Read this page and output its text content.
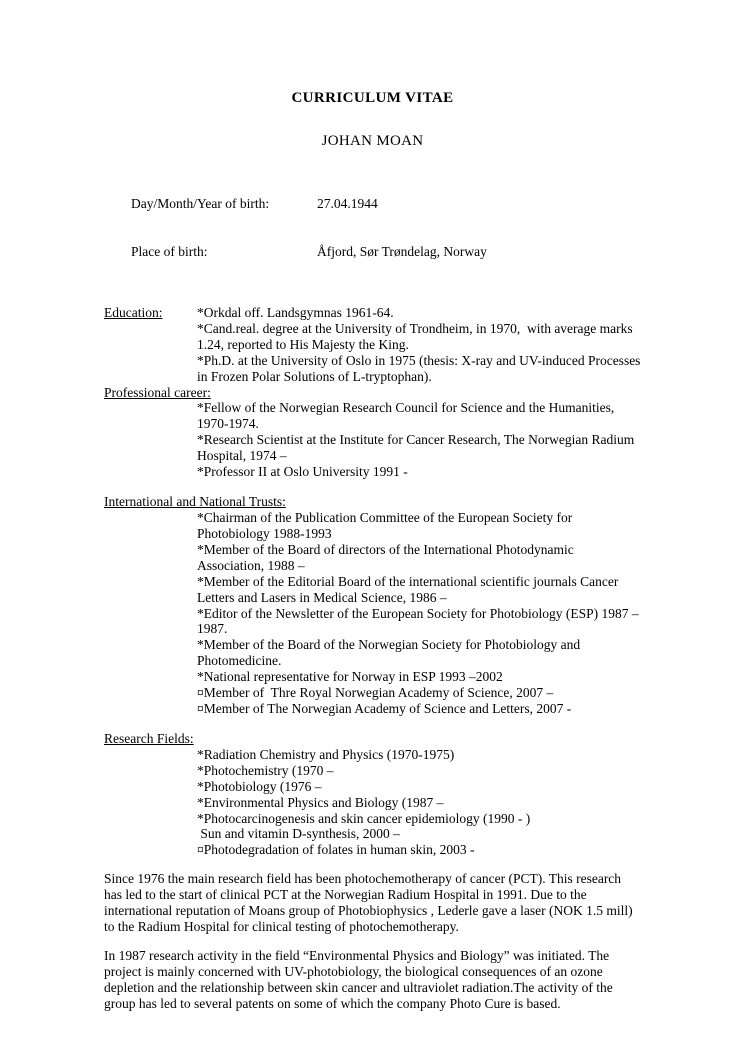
CURRICULUM VITAE
JOHAN MOAN

Day/Month/Year of birth:	27.04.1944

Place of birth:	Åfjord, Sør Trøndelag, Norway

Education:	*Orkdal off. Landsgymnas 1961-64.
*Cand.real. degree at the University of Trondheim, in 1970,  with average marks 1.24, reported to His Majesty the King.
*Ph.D. at the University of Oslo in 1975 (thesis: X-ray and UV-induced Processes in Frozen Polar Solutions of L-tryptophan).
Professional career:
*Fellow of the Norwegian Research Council for Science and the Humanities, 1970-1974.
*Research Scientist at the Institute for Cancer Research, The Norwegian Radium Hospital, 1974 –
*Professor II at Oslo University 1991 -
International and National Trusts:
*Chairman of the Publication Committee of the European Society for Photobiology 1988-1993
*Member of the Board of directors of the International Photodynamic Association, 1988 –
*Member of the Editorial Board of the international scientific journals Cancer Letters and Lasers in Medical Science, 1986 –
*Editor of the Newsletter of the European Society for Photobiology (ESP) 1987 – 1987.
*Member of the Board of the Norwegian Society for Photobiology and Photomedicine.
*National representative for Norway in ESP 1993 –2002
¤Member of  Thre Royal Norwegian Academy of Science, 2007 –
¤Member of The Norwegian Academy of Science and Letters, 2007 -
Research Fields:
*Radiation Chemistry and Physics (1970-1975)
*Photochemistry (1970 –
*Photobiology (1976 –
*Environmental Physics and Biology (1987 –
*Photocarcinogenesis and skin cancer epidemiology (1990 - )
Sun and vitamin D-synthesis, 2000 –
¤Photodegradation of folates in human skin, 2003 -

Since 1976 the main research field has been photochemotherapy of cancer (PCT). This research has led to the start of clinical PCT at the Norwegian Radium Hospital in 1991. Due to the international reputation of Moans group of Photobiophysics , Lederle gave a laser (NOK 1.5 mill) to the Radium Hospital for clinical testing of photochemotherapy.

In 1987 research activity in the field “Environmental Physics and Biology” was initiated. The project is mainly concerned with UV-photobiology, the biological consequences of an ozone depletion and the relationship between skin cancer and ultraviolet radiation.The activity of the group has led to several patents on some of which the company Photo Cure is based.
